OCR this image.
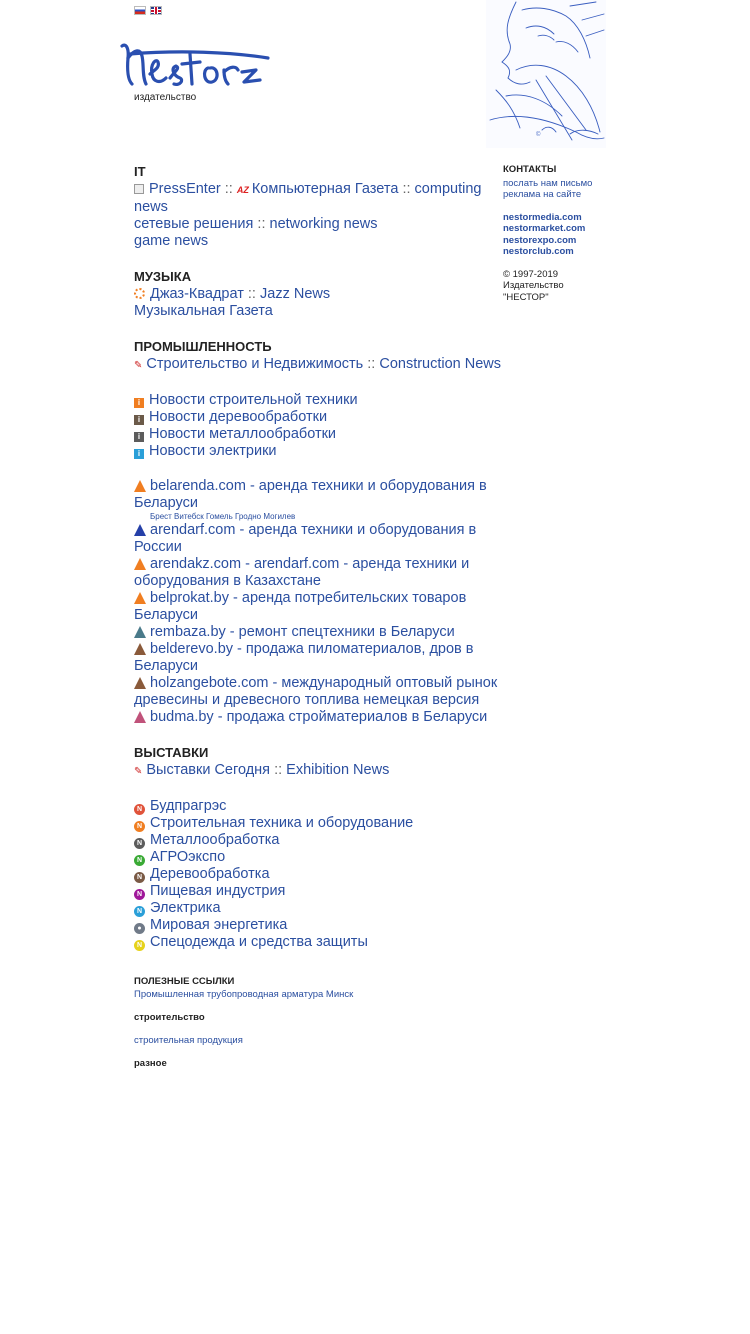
издательство
©
IT
PressEnter :: AZ Компьютерная Газета :: computing news
сетевые решения :: networking news
game news
МУЗЫКА
Джаз-Квадрат :: Jazz News
Музыкальная Газета
ПРОМЫШЛЕННОСТЬ
✎ Строительство и Недвижимость :: Construction News
i Новости строительной техники
i Новости деревообработки
i Новости металлообработки
i Новости электрики
belarenda.com - аренда техники и оборудования в Беларуси
Брест Витебск Гомель Гродно Могилев
arendarf.com - аренда техники и оборудования в России
arendakz.com - arendarf.com - аренда техники и оборудования в Казахстане
belprokat.by - аренда потребительских товаров Беларуси
rembaza.by - ремонт спецтехники в Беларуси
belderevo.by - продажа пиломатериалов, дров в Беларуси
holzangebote.com - международный оптовый рынок древесины и древесного топлива немецкая версия
budma.by - продажа стройматериалов в Беларуси
ВЫСТАВКИ
✎ Выставки Сегодня :: Exhibition News
N Будпрагрэс
N Строительная техника и оборудование
N Металлообработка
N АГРОэкспо
N Деревообработка
N Пищевая индустрия
N Электрика
● Мировая энергетика
N Спецодежда и средства защиты
ПОЛЕЗНЫЕ ССЫЛКИ
Промышленная трубопроводная арматура Минск
строительство
строительная продукция
разное
КОНТАКТЫ
послать нам письмо
реклама на сайте
nestormedia.com
nestormarket.com
nestorexpo.com
nestorclub.com
© 1997-2019
Издательство
"НЕСТОР"
